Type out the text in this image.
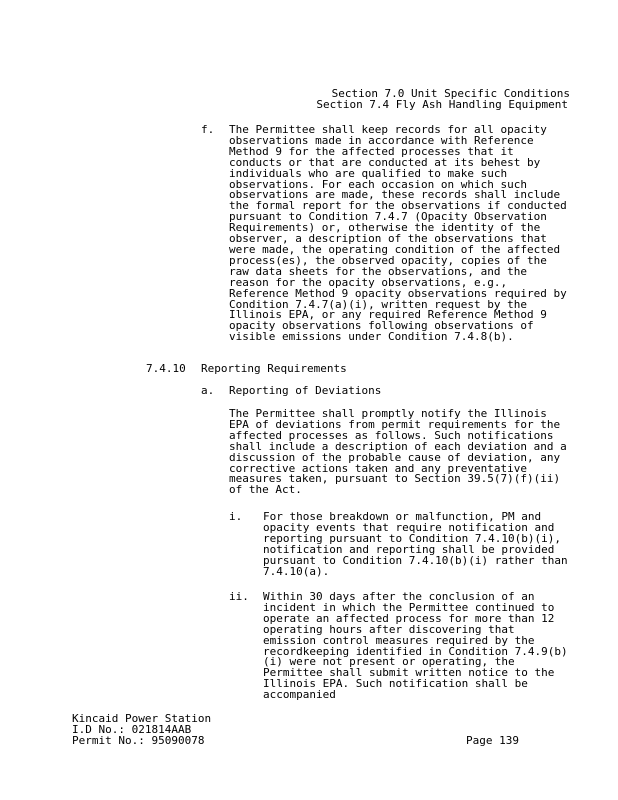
Section 7.0 Unit Specific Conditions
Section 7.4 Fly Ash Handling Equipment
f. The Permittee shall keep records for all opacity observations made in accordance with Reference Method 9 for the affected processes that it conducts or that are conducted at its behest by individuals who are qualified to make such observations. For each occasion on which such observations are made, these records shall include the formal report for the observations if conducted pursuant to Condition 7.4.7 (Opacity Observation Requirements) or, otherwise the identity of the observer, a description of the observations that were made, the operating condition of the affected process(es), the observed opacity, copies of the raw data sheets for the observations, and the reason for the opacity observations, e.g., Reference Method 9 opacity observations required by Condition 7.4.7(a)(i), written request by the Illinois EPA, or any required Reference Method 9 opacity observations following observations of visible emissions under Condition 7.4.8(b).

7.4.10 Reporting Requirements
a. Reporting of Deviations

The Permittee shall promptly notify the Illinois EPA of deviations from permit requirements for the affected processes as follows. Such notifications shall include a description of each deviation and a discussion of the probable cause of deviation, any corrective actions taken and any preventative measures taken, pursuant to Section 39.5(7)(f)(ii) of the Act.

i. For those breakdown or malfunction, PM and opacity events that require notification and reporting pursuant to Condition 7.4.10(b)(i), notification and reporting shall be provided pursuant to Condition 7.4.10(b)(i) rather than 7.4.10(a).

ii. Within 30 days after the conclusion of an incident in which the Permittee continued to operate an affected process for more than 12 operating hours after discovering that emission control measures required by the recordkeeping identified in Condition 7.4.9(b)(i) were not present or operating, the Permittee shall submit written notice to the Illinois EPA. Such notification shall be accompanied

Kincaid Power Station
I.D No.: 021814AAB
Permit No.: 95090078	Page 139
